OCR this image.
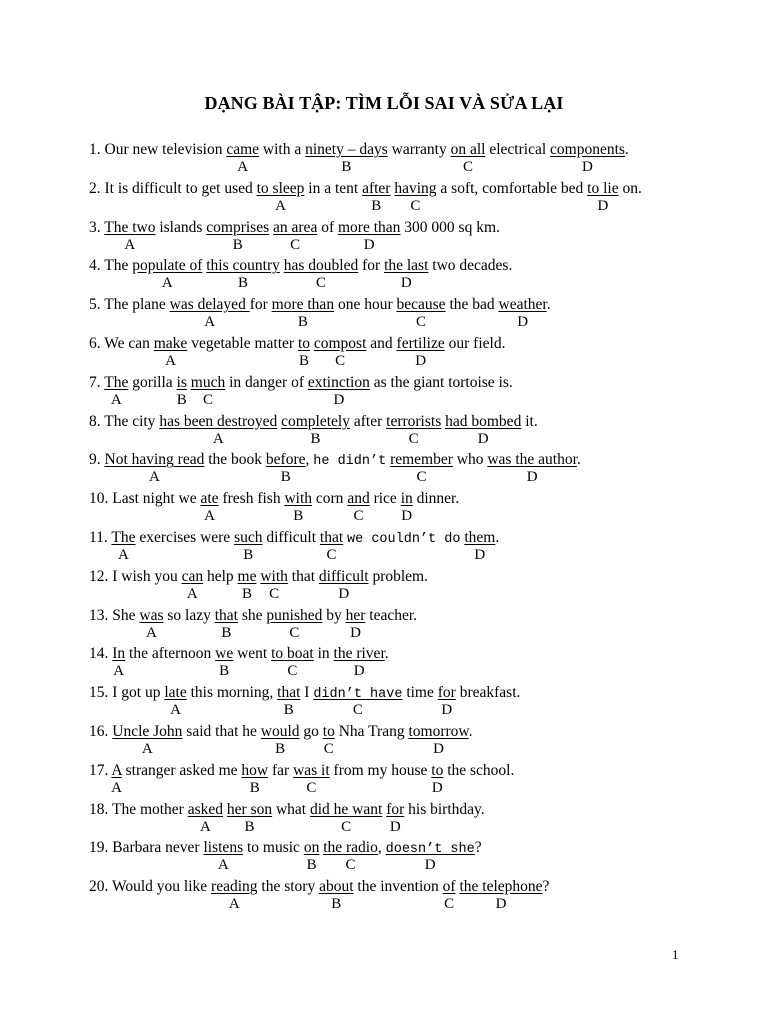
DẠNG BÀI TẬP: TÌM LỖI SAI VÀ SỬA LẠI
1. Our new television came with a ninety – days warranty on all electrical components.
A	B	C	D
2. It is difficult to get used to sleep in a tent after having a soft, comfortable bed to lie on.
A	B	C	D
3. The two islands comprises an area of more than 300 000 sq km.
A	B	C	D
4. The populate of this country has doubled for the last two decades.
A	B	C	D
5. The plane was delayed for more than one hour because the bad weather.
A	B	C	D
6. We can make vegetable matter to compost and fertilize our field.
A	B	C	D
7. The gorilla is much in danger of extinction as the giant tortoise is.
A	B	C	D
8. The city has been destroyed completely after terrorists had bombed it.
A	B	C	D
9. Not having read the book before, he didn’t remember who was the author.
A	B	C	D
10. Last night we ate fresh fish with corn and rice in dinner.
A	B	C	D
11. The exercises were such difficult that we couldn’t do them.
A	B	C	D
12. I wish you can help me with that difficult problem.
A	B	C	D
13. She was so lazy that she punished by her teacher.
A	B	C	D
14. In the afternoon we went to boat in the river.
A	B	C	D
15. I got up late this morning, that I didn’t have time for breakfast.
A	B	C	D
16. Uncle John said that he would go to Nha Trang tomorrow.
A	B	C	D
17. A stranger asked me how far was it from my house to the school.
A	B	C	D
18. The mother asked her son what did he want for his birthday.
A	B	C	D
19. Barbara never listens to music on the radio, doesn’t she?
A	B	C	D
20. Would you like reading the story about the invention of the telephone?
A	B	C	D
1
